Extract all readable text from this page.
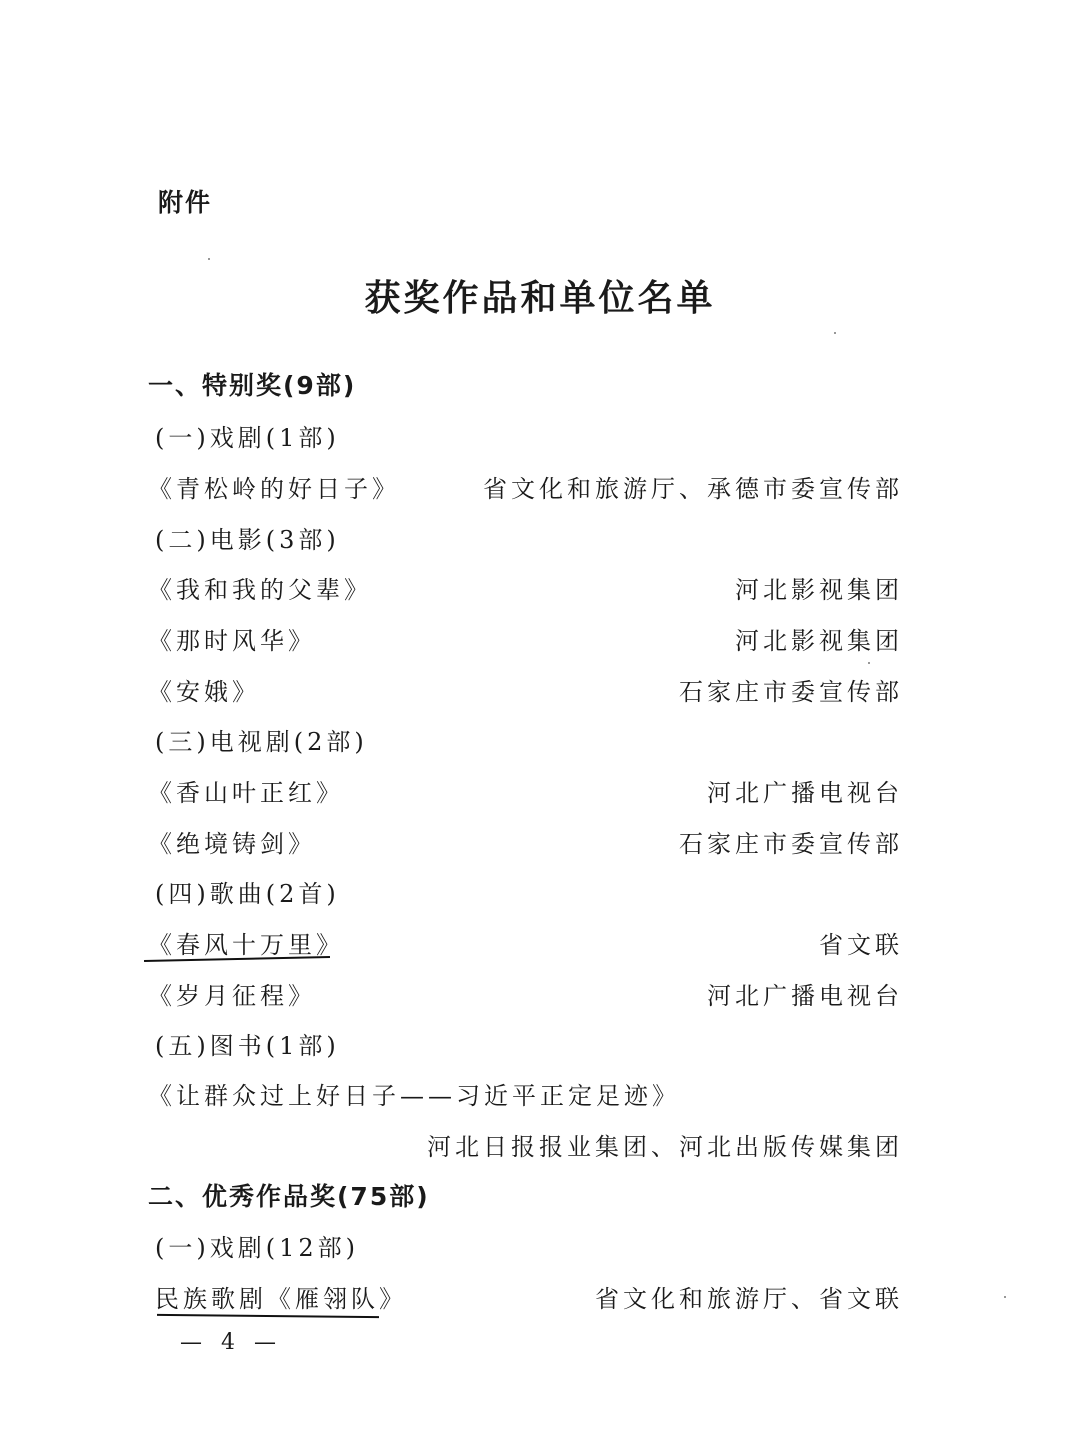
附件
获奖作品和单位名单
一、特别奖(9部)
(一)戏剧(1部)
《青松岭的好日子》	省文化和旅游厅、承德市委宣传部
(二)电影(3部)
《我和我的父辈》	河北影视集团
《那时风华》	河北影视集团
《安娥》	石家庄市委宣传部
(三)电视剧(2部)
《香山叶正红》	河北广播电视台
《绝境铸剑》	石家庄市委宣传部
(四)歌曲(2首)
《春风十万里》	省文联
《岁月征程》	河北广播电视台
(五)图书(1部)
《让群众过上好日子——习近平正定足迹》
河北日报报业集团、河北出版传媒集团
二、优秀作品奖(75部)
(一)戏剧(12部)
民族歌剧《雁翎队》	省文化和旅游厅、省文联
— 4 —
